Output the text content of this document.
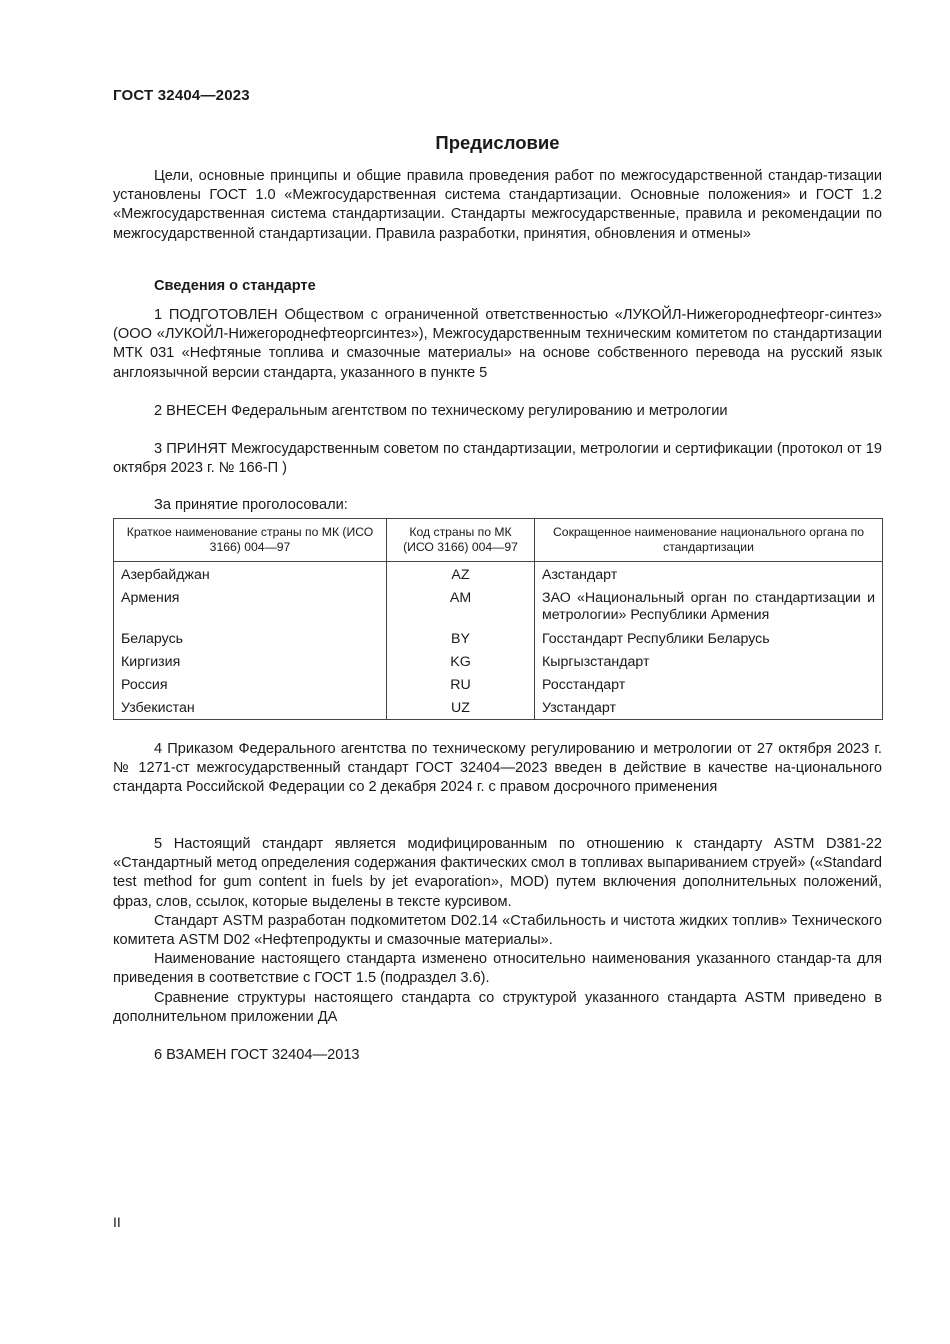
ГОСТ 32404—2023
Предисловие

Цели, основные принципы и общие правила проведения работ по межгосударственной стандар-тизации установлены ГОСТ 1.0 «Межгосударственная система стандартизации. Основные положения» и ГОСТ 1.2 «Межгосударственная система стандартизации. Стандарты межгосударственные, правила и рекомендации по межгосударственной стандартизации. Правила разработки, принятия, обновления и отмены»

Сведения о стандарте

1 ПОДГОТОВЛЕН Обществом с ограниченной ответственностью «ЛУКОЙЛ-Нижегороднефтеорг-синтез» (ООО «ЛУКОЙЛ-Нижегороднефтеоргсинтез»), Межгосударственным техническим комитетом по стандартизации МТК 031 «Нефтяные топлива и смазочные материалы» на основе собственного перевода на русский язык англоязычной версии стандарта, указанного в пункте 5

2 ВНЕСЕН Федеральным агентством по техническому регулированию и метрологии

3 ПРИНЯТ Межгосударственным советом по стандартизации, метрологии и сертификации (протокол от 19 октября 2023 г. № 166-П )

За принятие проголосовали:
Краткое наименование страны по МК (ИСО 3166) 004—97	Код страны по МК (ИСО 3166) 004—97	Сокращенное наименование национального органа по стандартизации
Азербайджан	AZ	Азстандарт
Армения	AM	ЗАО «Национальный орган по стандартизации и метрологии» Республики Армения
Беларусь	BY	Госстандарт Республики Беларусь
Киргизия	KG	Кыргызстандарт
Россия	RU	Росстандарт
Узбекистан	UZ	Узстандарт

4 Приказом Федерального агентства по техническому регулированию и метрологии от 27 октября 2023 г. № 1271-ст межгосударственный стандарт ГОСТ 32404—2023 введен в действие в качестве на-ционального стандарта Российской Федерации со 2 декабря 2024 г. с правом досрочного применения

5 Настоящий стандарт является модифицированным по отношению к стандарту ASTM D381-22 «Стандартный метод определения содержания фактических смол в топливах выпариванием струей» («Standard test method for gum content in fuels by jet evaporation», MOD) путем включения дополнительных положений, фраз, слов, ссылок, которые выделены в тексте курсивом.

Стандарт ASTM разработан подкомитетом D02.14 «Стабильность и чистота жидких топлив» Технического комитета ASTM D02 «Нефтепродукты и смазочные материалы».

Наименование настоящего стандарта изменено относительно наименования указанного стандар-та для приведения в соответствие с ГОСТ 1.5 (подраздел 3.6).

Сравнение структуры настоящего стандарта со структурой указанного стандарта ASTM приведено в дополнительном приложении ДА

6 ВЗАМЕН ГОСТ 32404—2013

II
